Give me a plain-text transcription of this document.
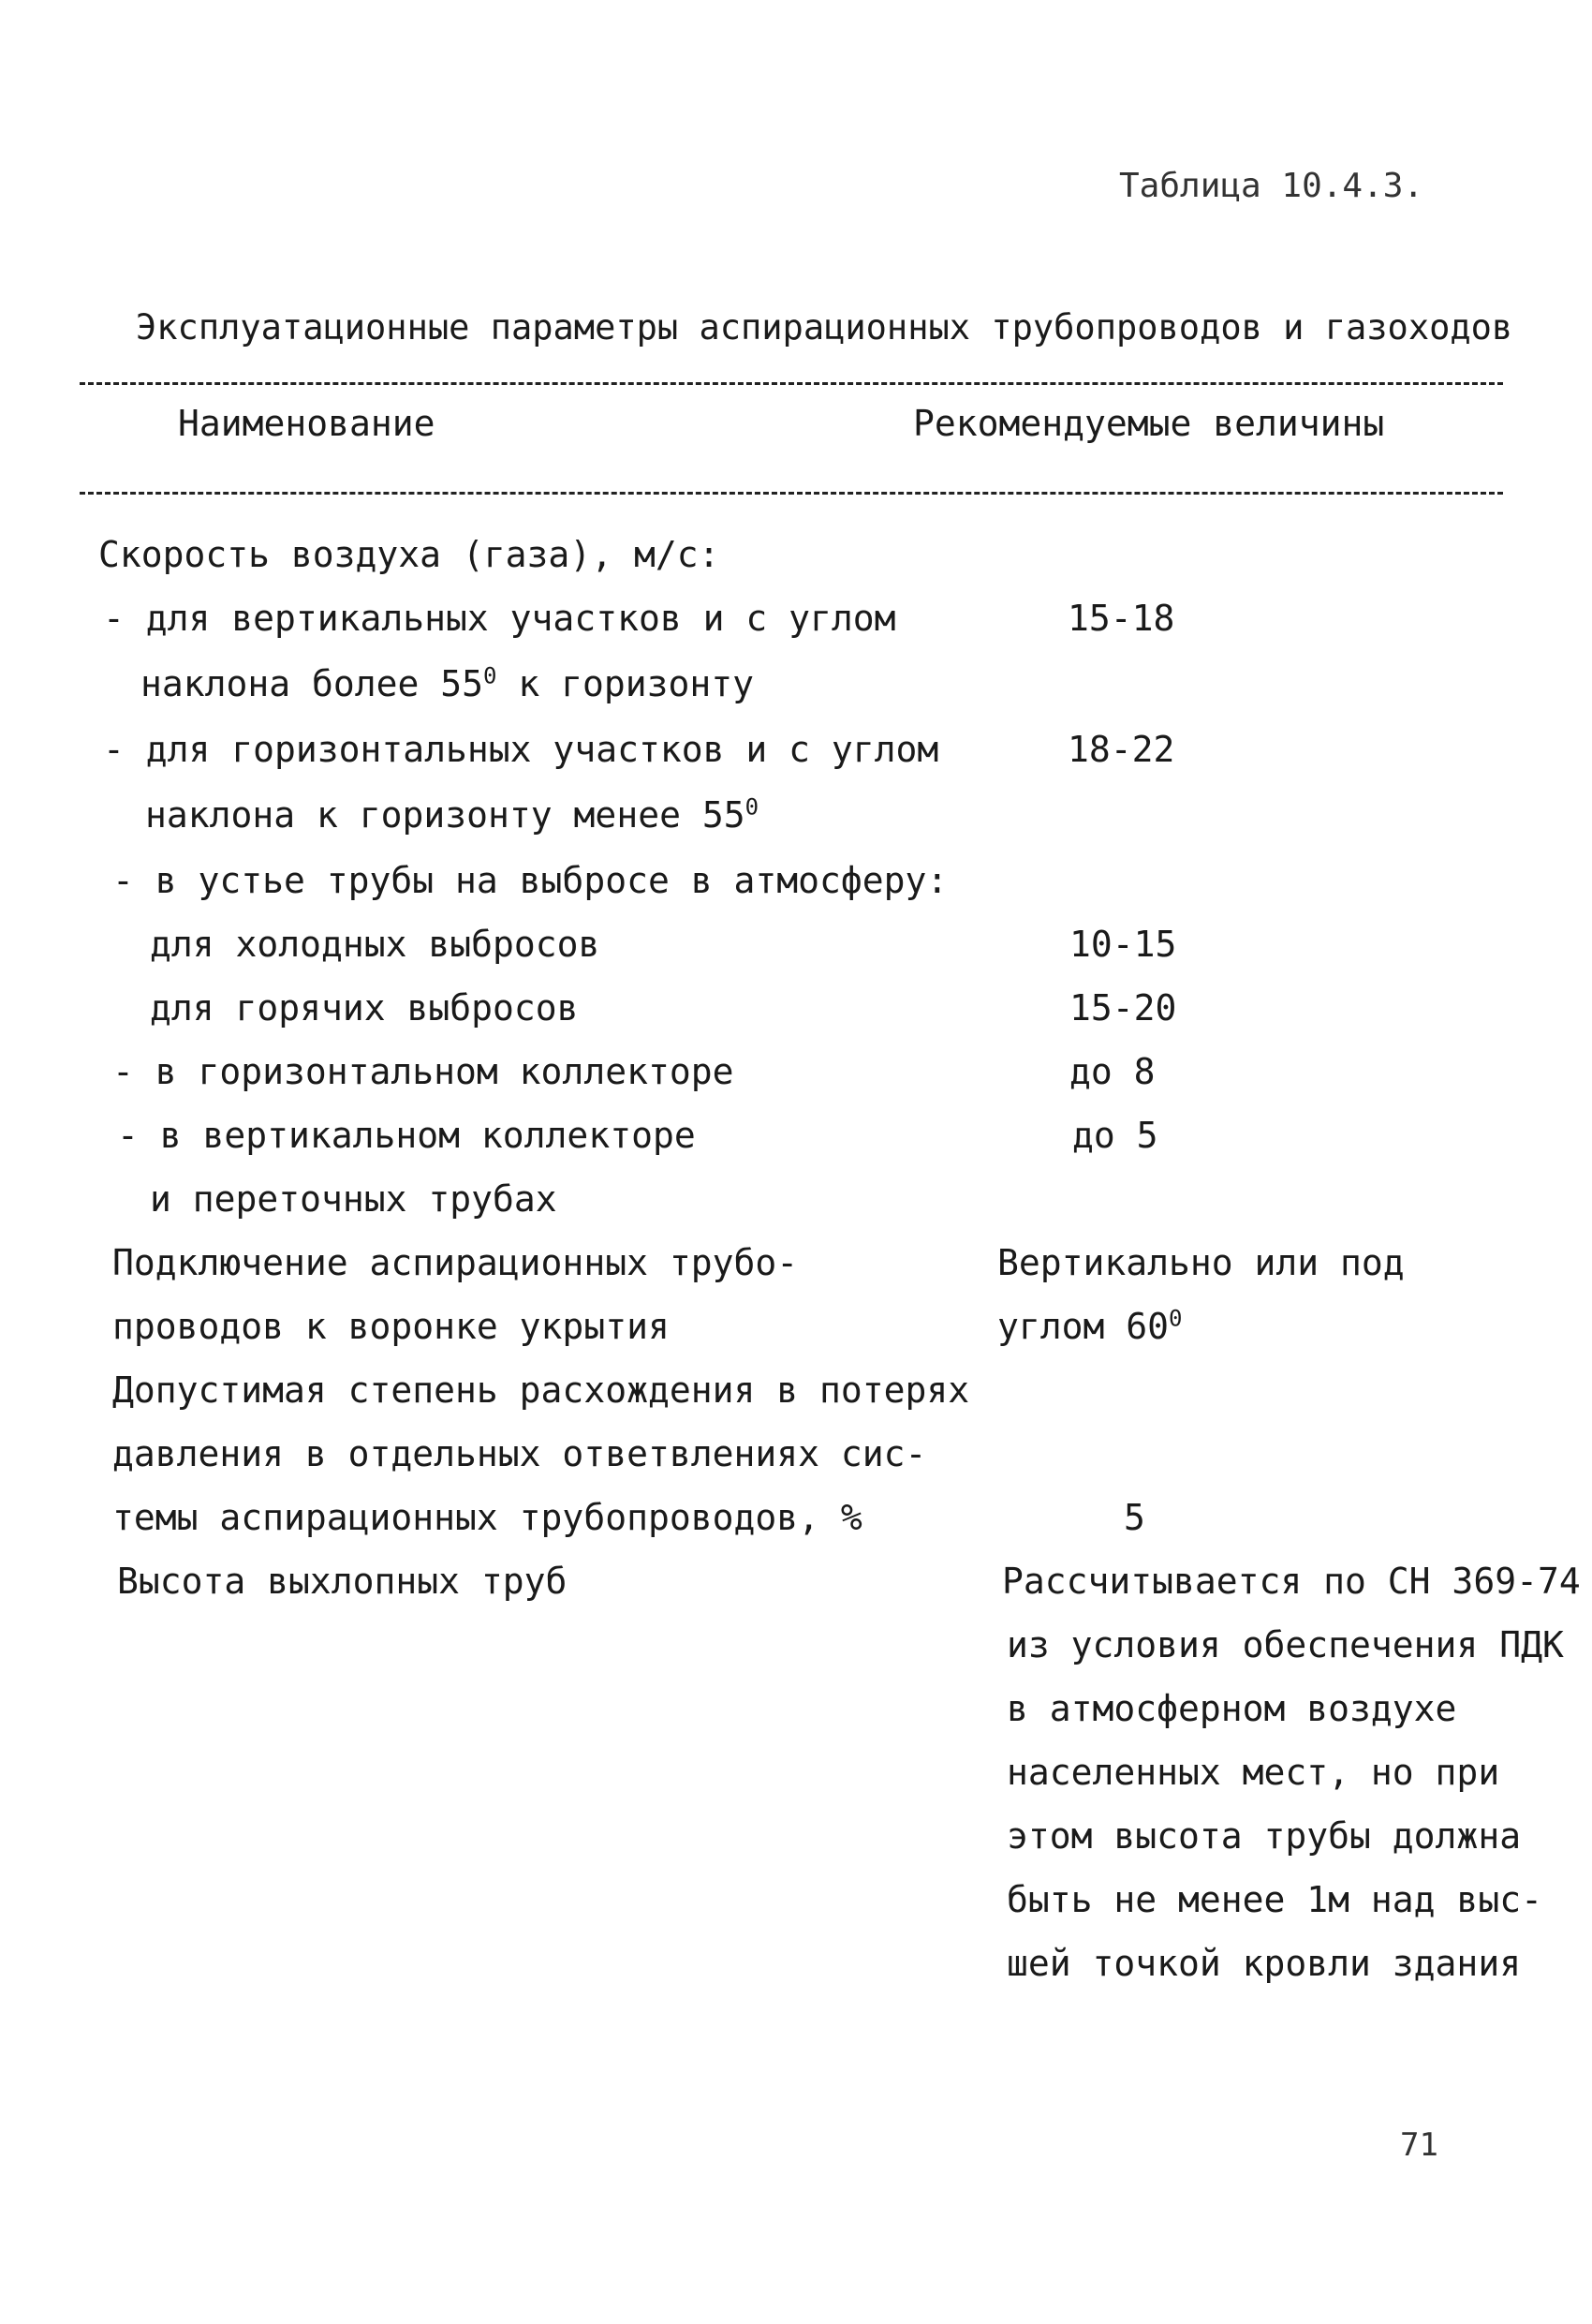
Таблица 10.4.3.
Эксплуатационные параметры аспирационных трубопроводов и газоходов
Наименование	Рекомендуемые величины
Скорость воздуха (газа), м/с:
- для вертикальных участков и с углом	15-18
наклона более $55^0$ к горизонту
- для горизонтальных участков и с углом	18-22
наклона к горизонту менее $55^0$
- в устье трубы на выбросе в атмосферу:
для холодных выбросов	10-15
для горячих выбросов	15-20
- в горизонтальном коллекторе	до 8
- в вертикальном коллекторе	до 5
и переточных трубах
Подключение аспирационных трубо-	Вертикально или под
проводов к воронке укрытия	углом $60^0$
Допустимая степень расхождения в потерях
давления в отдельных ответвлениях сис-
темы аспирационных трубопроводов, %	5
Высота выхлопных труб	Рассчитывается по СН 369-74
из условия обеспечения ПДК
в атмосферном воздухе
населенных мест, но при
этом высота трубы должна
быть не менее 1м над выс-
шей точкой кровли здания
71
